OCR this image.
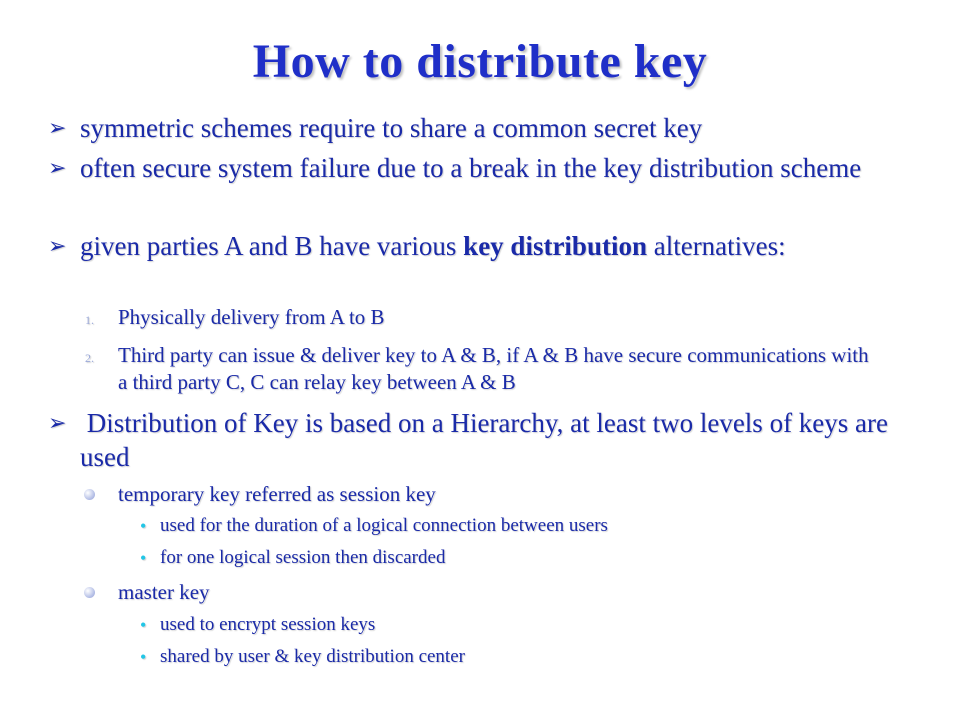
How to distribute key
➢ symmetric schemes require to share a common secret key
➢ often secure system failure due to a break in the key distribution scheme
➢ given parties A and B have various key distribution alternatives:
1. Physically delivery from A to B
2. Third party can issue & deliver key to A & B, if A & B have secure communications with a third party C, C can relay key between A & B
➢ Distribution of Key is based on a Hierarchy, at least two levels of keys are used
temporary key referred as session key
• used for the duration of a logical connection between users
• for one logical session then discarded
master key
• used to encrypt session keys
• shared by user & key distribution center
